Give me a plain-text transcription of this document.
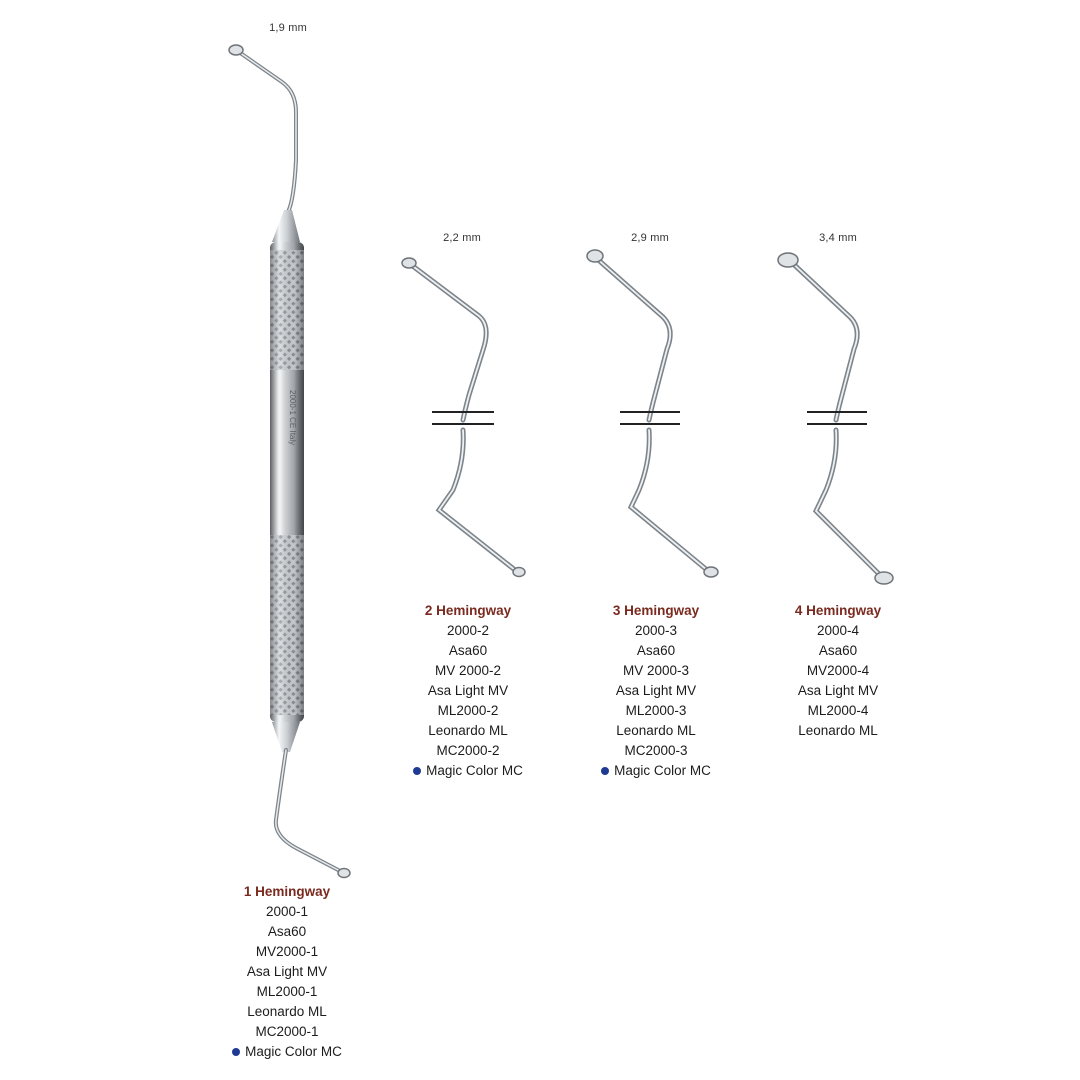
1,9 mm
2,2 mm	2,9 mm	3,4 mm
2000-1 CE Italy
2 Hemingway
2000-2
Asa60
MV 2000-2
Asa Light MV
ML2000-2
Leonardo ML
MC2000-2
Magic Color MC
3 Hemingway
2000-3
Asa60
MV 2000-3
Asa Light MV
ML2000-3
Leonardo ML
MC2000-3
Magic Color MC
4 Hemingway
2000-4
Asa60
MV2000-4
Asa Light MV
ML2000-4
Leonardo ML
1 Hemingway
2000-1
Asa60
MV2000-1
Asa Light MV
ML2000-1
Leonardo ML
MC2000-1
Magic Color MC
